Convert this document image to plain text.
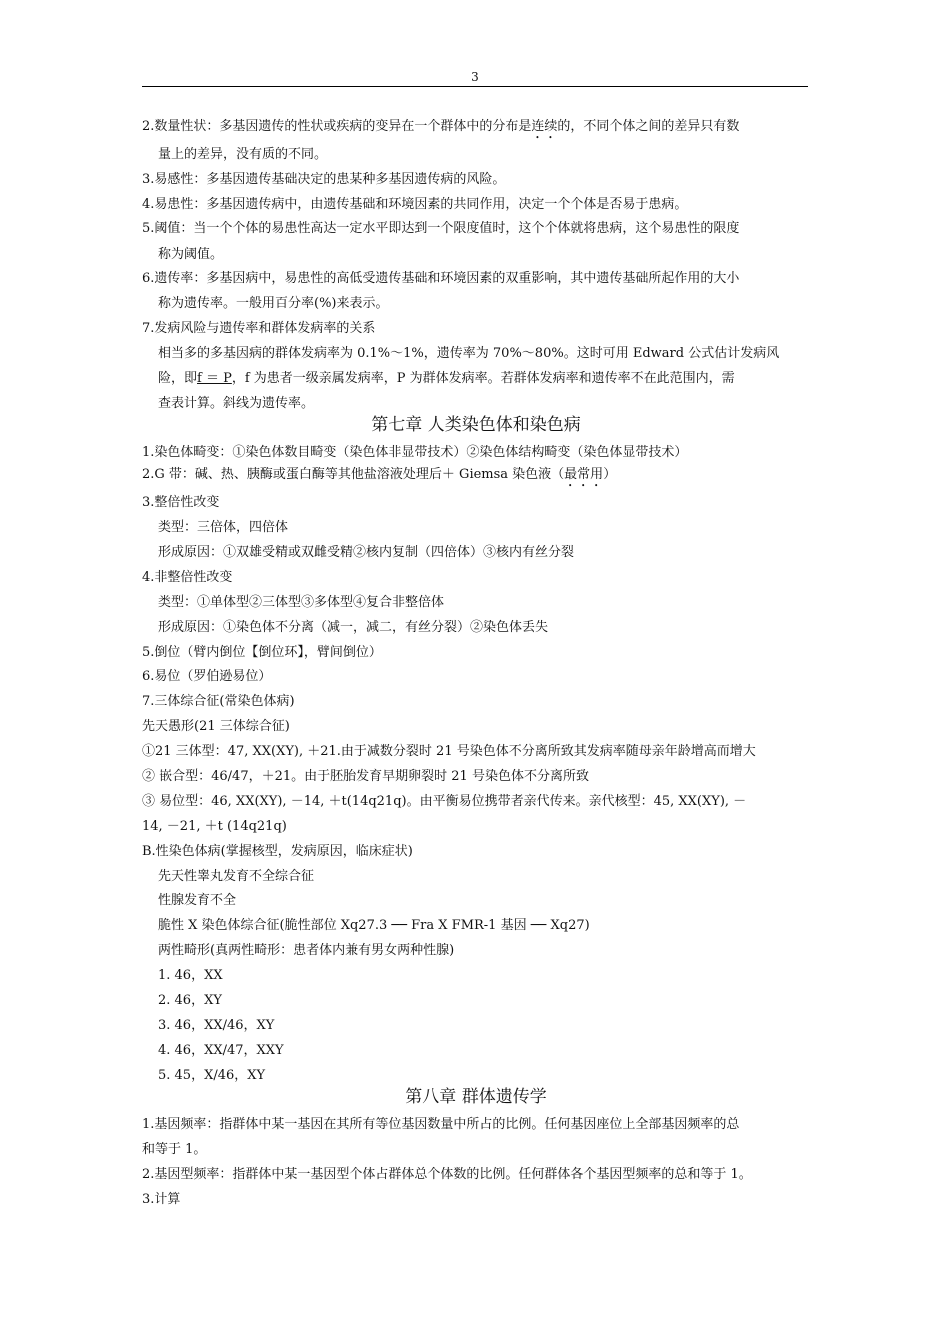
3
2.数量性状：多基因遗传的性状或疾病的变异在一个群体中的分布是连续的，不同个体之间的差异只有数
量上的差异，没有质的不同。
3.易感性：多基因遗传基础决定的患某种多基因遗传病的风险。
4.易患性：多基因遗传病中，由遗传基础和环境因素的共同作用，决定一个个体是否易于患病。
5.阈值：当一个个体的易患性高达一定水平即达到一个限度值时，这个个体就将患病，这个易患性的限度
称为阈值。
6.遗传率：多基因病中，易患性的高低受遗传基础和环境因素的双重影响，其中遗传基础所起作用的大小
称为遗传率。一般用百分率(%)来表示。
7.发病风险与遗传率和群体发病率的关系
相当多的多基因病的群体发病率为 0.1%～1%，遗传率为 70%～80%。这时可用 Edward 公式估计发病风
险，即f ＝ P，f 为患者一级亲属发病率，P 为群体发病率。若群体发病率和遗传率不在此范围内，需
查表计算。斜线为遗传率。
第七章 人类染色体和染色病
1.染色体畸变：①染色体数目畸变（染色体非显带技术）②染色体结构畸变（染色体显带技术）
2.G 带：碱、热、胰酶或蛋白酶等其他盐溶液处理后＋ Giemsa 染色液（最常用）
3.整倍性改变
类型：三倍体，四倍体
形成原因：①双雄受精或双雌受精②核内复制（四倍体）③核内有丝分裂
4.非整倍性改变
类型：①单体型②三体型③多体型④复合非整倍体
形成原因：①染色体不分离（减一，减二，有丝分裂）②染色体丢失
5.倒位（臂内倒位【倒位环】，臂间倒位）
6.易位（罗伯逊易位）
7.三体综合征(常染色体病)
先天愚形(21 三体综合征)
①21 三体型：47, XX(XY), ＋21.由于减数分裂时 21 号染色体不分离所致其发病率随母亲年龄增高而增大
② 嵌合型：46/47，＋21。由于胚胎发育早期卵裂时 21 号染色体不分离所致
③ 易位型：46, XX(XY), －14, ＋t(14q21q)。由平衡易位携带者亲代传来。亲代核型：45, XX(XY), －
14, －21, ＋t (14q21q)
B.性染色体病(掌握核型，发病原因，临床症状)
先天性睾丸发育不全综合征
性腺发育不全
脆性 X 染色体综合征(脆性部位 Xq27.3 ── Fra X FMR-1 基因 ── Xq27)
两性畸形(真两性畸形：患者体内兼有男女两种性腺)
1. 46，XX
2. 46，XY
3. 46，XX/46，XY
4. 46，XX/47，XXY
5. 45，X/46，XY
第八章 群体遗传学
1.基因频率：指群体中某一基因在其所有等位基因数量中所占的比例。任何基因座位上全部基因频率的总
和等于 1。
2.基因型频率：指群体中某一基因型个体占群体总个体数的比例。任何群体各个基因型频率的总和等于 1。
3.计算
